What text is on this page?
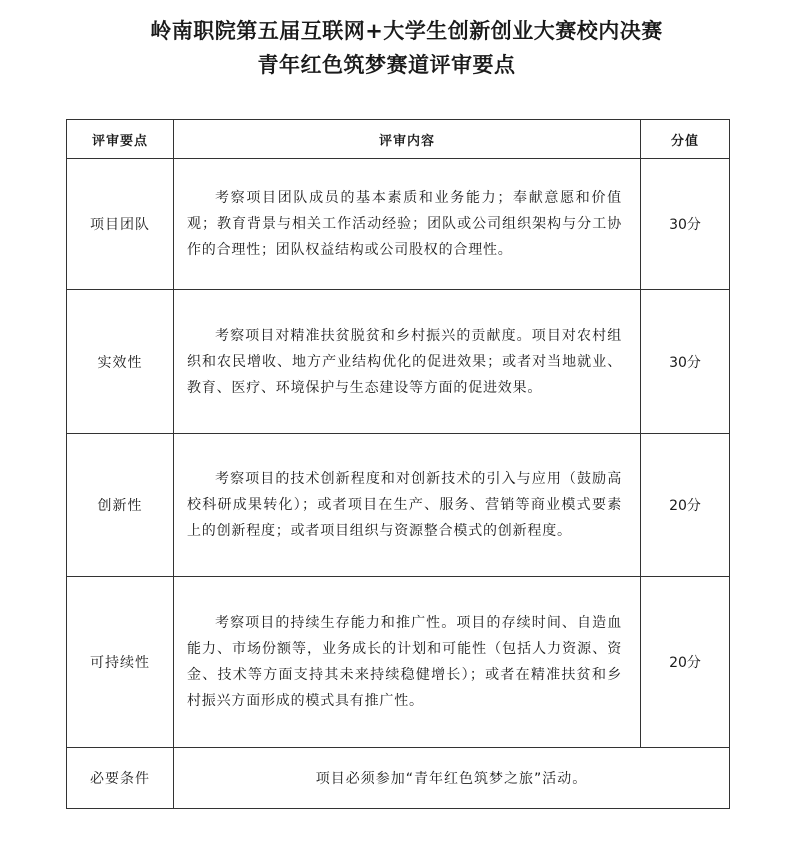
岭南职院第五届互联网+大学生创新创业大赛校内决赛
青年红色筑梦赛道评审要点
评审要点	评审内容	分值
项目团队	考察项目团队成员的基本素质和业务能力；奉献意愿和价值观；教育背景与相关工作活动经验；团队或公司组织架构与分工协作的合理性；团队权益结构或公司股权的合理性。	30分
实效性	考察项目对精准扶贫脱贫和乡村振兴的贡献度。项目对农村组织和农民增收、地方产业结构优化的促进效果；或者对当地就业、教育、医疗、环境保护与生态建设等方面的促进效果。	30分
创新性	考察项目的技术创新程度和对创新技术的引入与应用（鼓励高校科研成果转化）；或者项目在生产、服务、营销等商业模式要素上的创新程度；或者项目组织与资源整合模式的创新程度。	20分
可持续性	考察项目的持续生存能力和推广性。项目的存续时间、自造血能力、市场份额等，业务成长的计划和可能性（包括人力资源、资金、技术等方面支持其未来持续稳健增长）；或者在精准扶贫和乡村振兴方面形成的模式具有推广性。	20分
必要条件	项目必须参加“青年红色筑梦之旅”活动。	
